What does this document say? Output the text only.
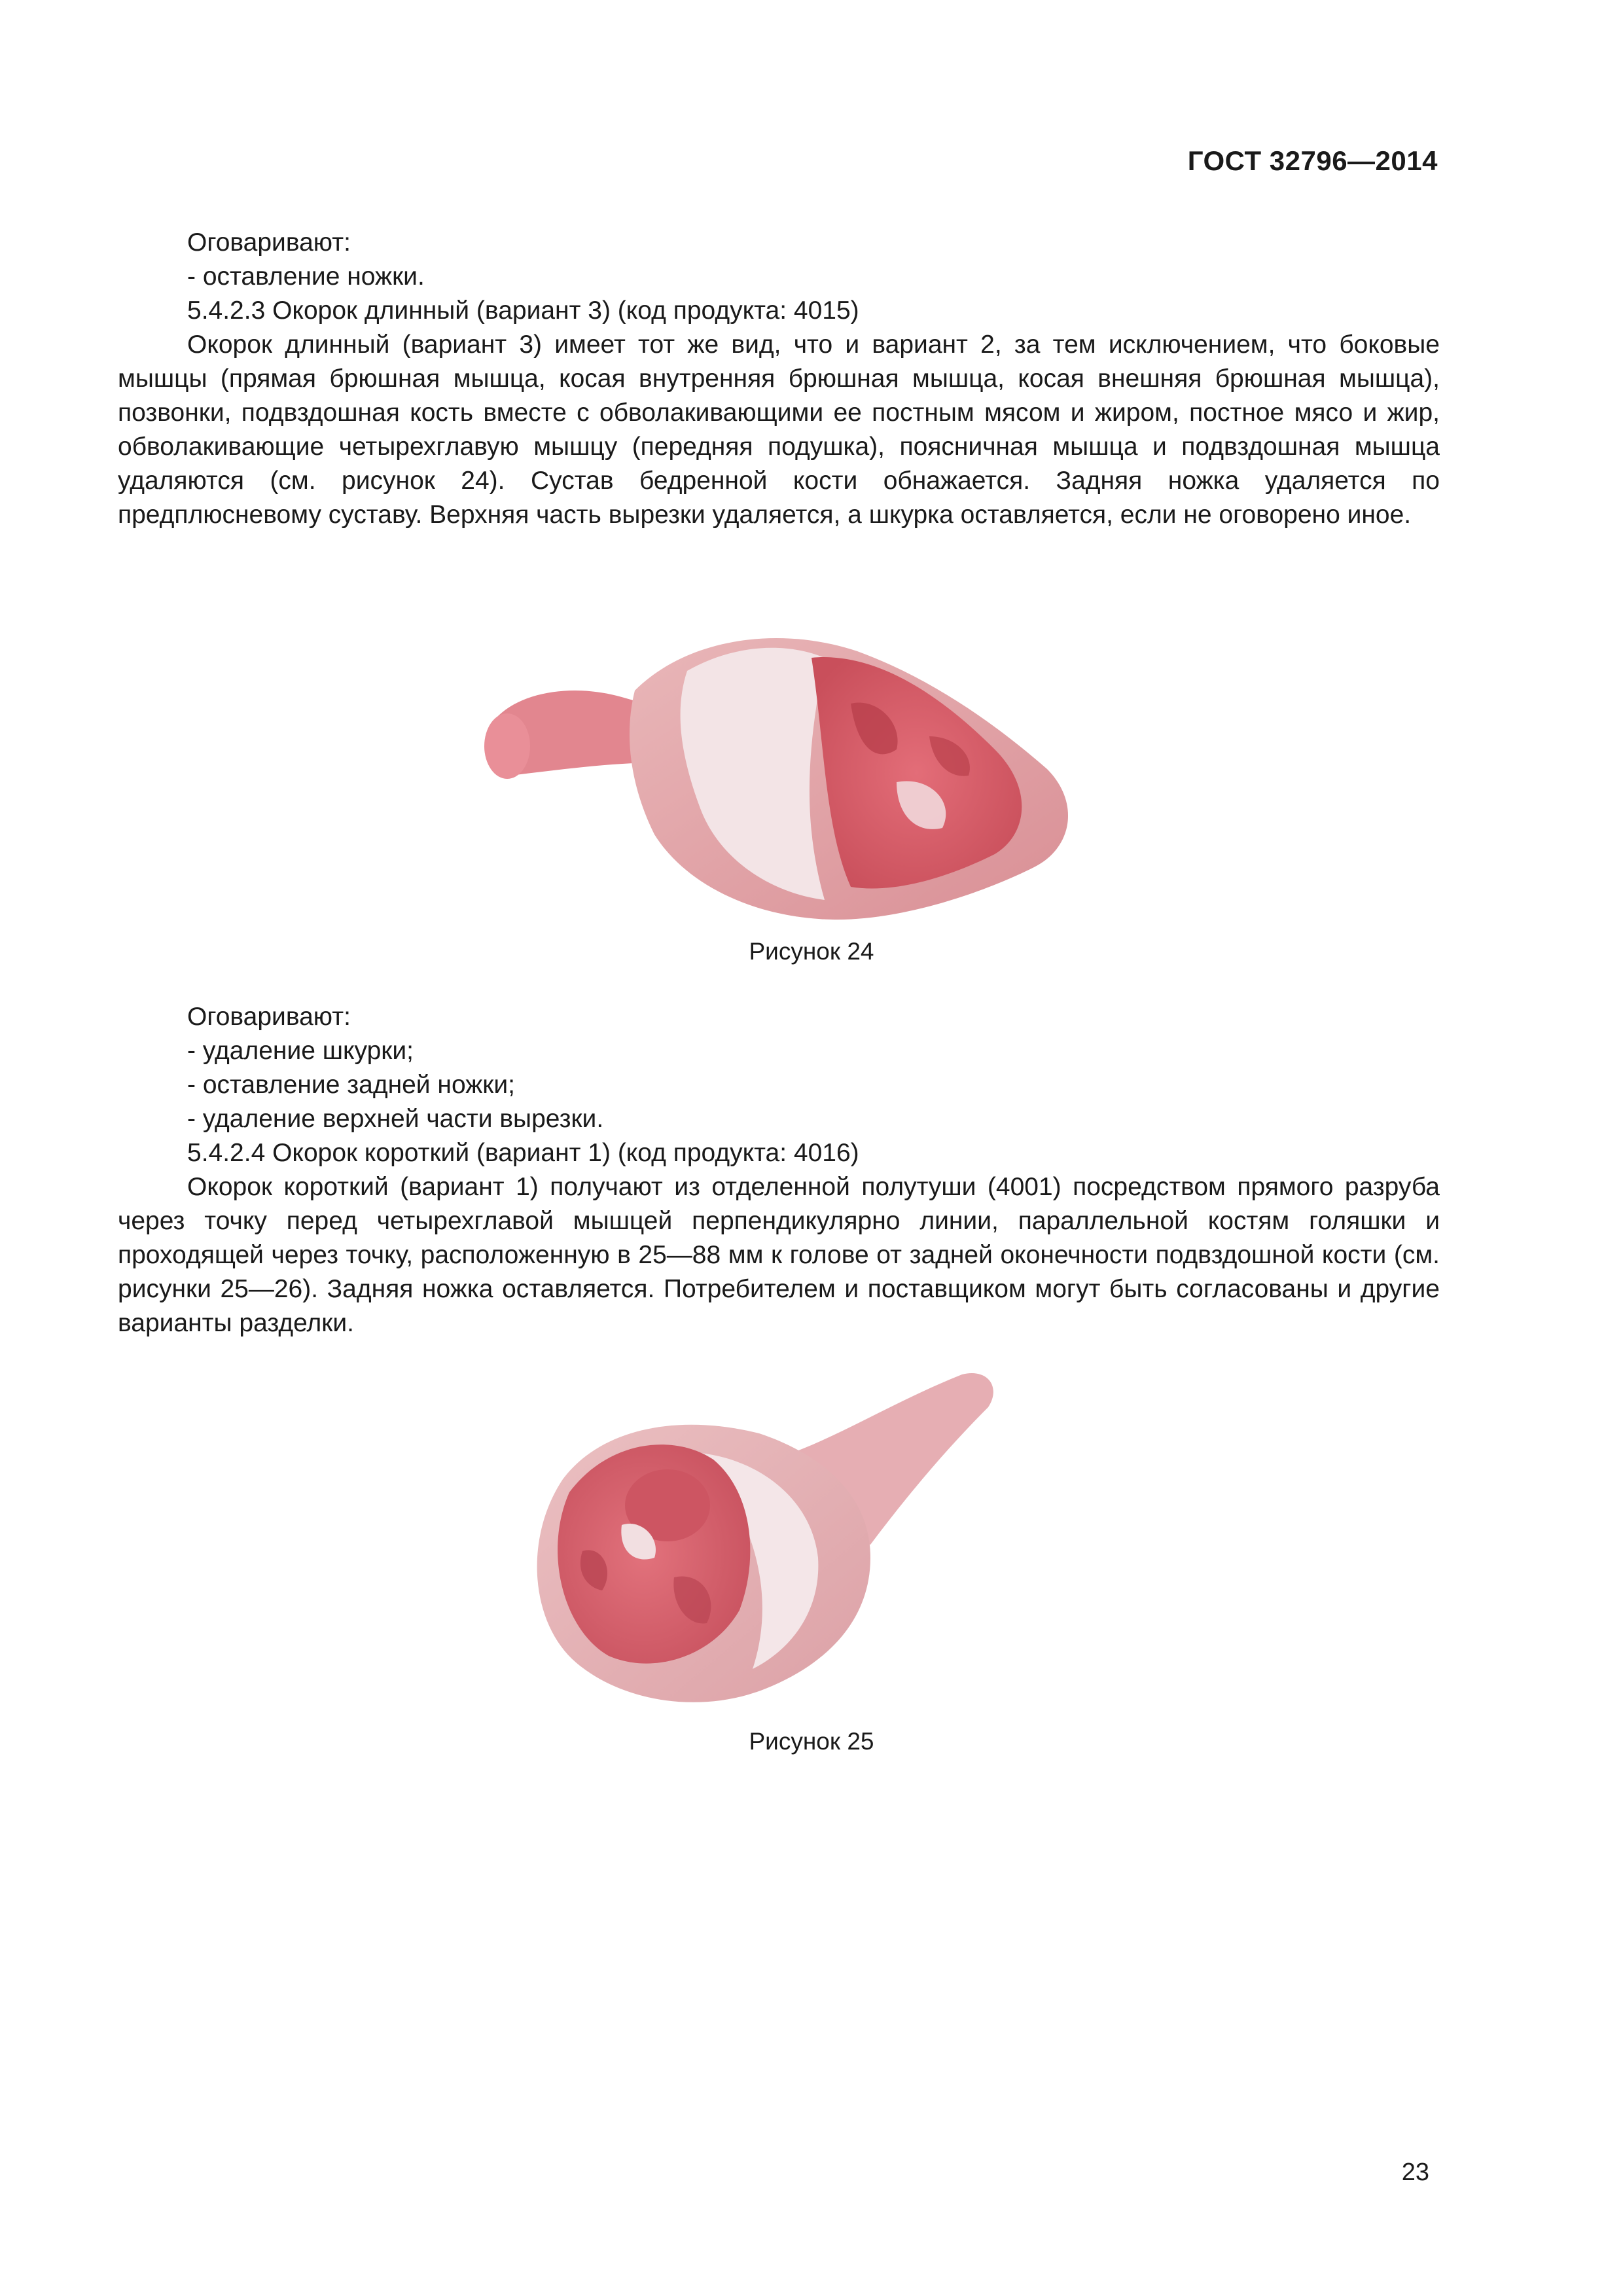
ГОСТ 32796—2014

Оговаривают:

- оставление ножки.

5.4.2.3 Окорок длинный (вариант 3) (код продукта: 4015)

Окорок длинный (вариант 3) имеет тот же вид, что и вариант 2, за тем исключением, что боковые мышцы (прямая брюшная мышца, косая внутренняя брюшная мышца, косая внешняя брюшная мышца), позвонки, подвздошная кость вместе с обволакивающими ее постным мясом и жиром, постное мясо и жир, обволакивающие четырехглавую мышцу (передняя подушка), поясничная мышца и подвздошная мышца удаляются (см. рисунок 24). Сустав бедренной кости обнажается. Задняя ножка удаляется по предплюсневому суставу. Верхняя часть вырезки удаляется, а шкурка оставляется, если не оговорено иное.

Рисунок 24

Оговаривают:

- удаление шкурки;

- оставление задней ножки;

- удаление верхней части вырезки.

5.4.2.4 Окорок короткий (вариант 1) (код продукта: 4016)

Окорок короткий (вариант 1) получают из отделенной полутуши (4001) посредством прямого разруба через точку перед четырехглавой мышцей перпендикулярно линии, параллельной костям голяшки и проходящей через точку, расположенную в 25—88 мм к голове от задней оконечности подвздошной кости (см. рисунки 25—26). Задняя ножка оставляется. Потребителем и поставщиком могут быть согласованы и другие варианты разделки.

Рисунок 25
23
